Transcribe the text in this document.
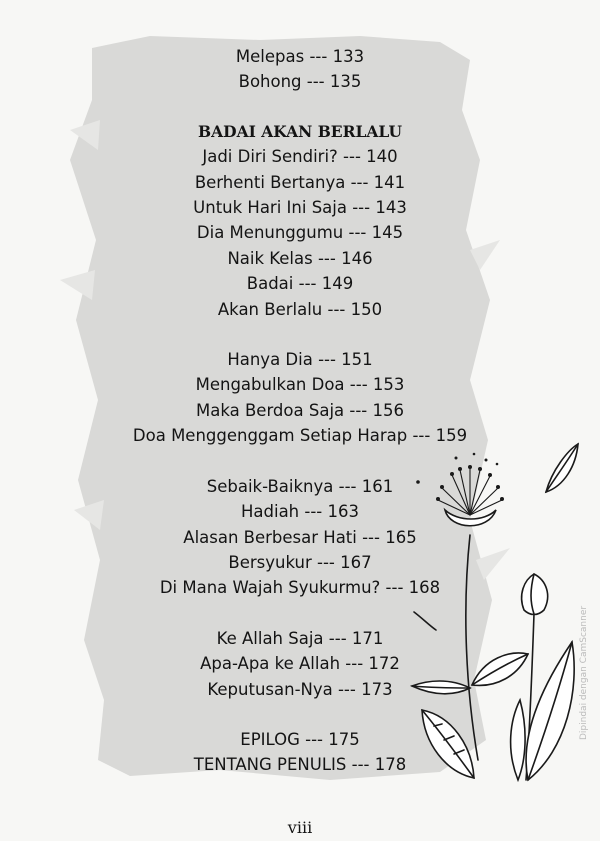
Melepas --- 133
Bohong --- 135
BADAI AKAN BERLALU
Jadi Diri Sendiri? --- 140
Berhenti Bertanya --- 141
Untuk Hari Ini Saja --- 143
Dia Menunggumu --- 145
Naik Kelas --- 146
Badai --- 149
Akan Berlalu --- 150
Hanya Dia --- 151
Mengabulkan Doa --- 153
Maka Berdoa Saja --- 156
Doa Menggenggam Setiap Harap --- 159
Sebaik-Baiknya --- 161
Hadiah --- 163
Alasan Berbesar Hati --- 165
Bersyukur --- 167
Di Mana Wajah Syukurmu? --- 168
Ke Allah Saja --- 171
Apa-Apa ke Allah --- 172
Keputusan-Nya --- 173
EPILOG --- 175
TENTANG PENULIS --- 178
viii
Dipindai dengan CamScanner
